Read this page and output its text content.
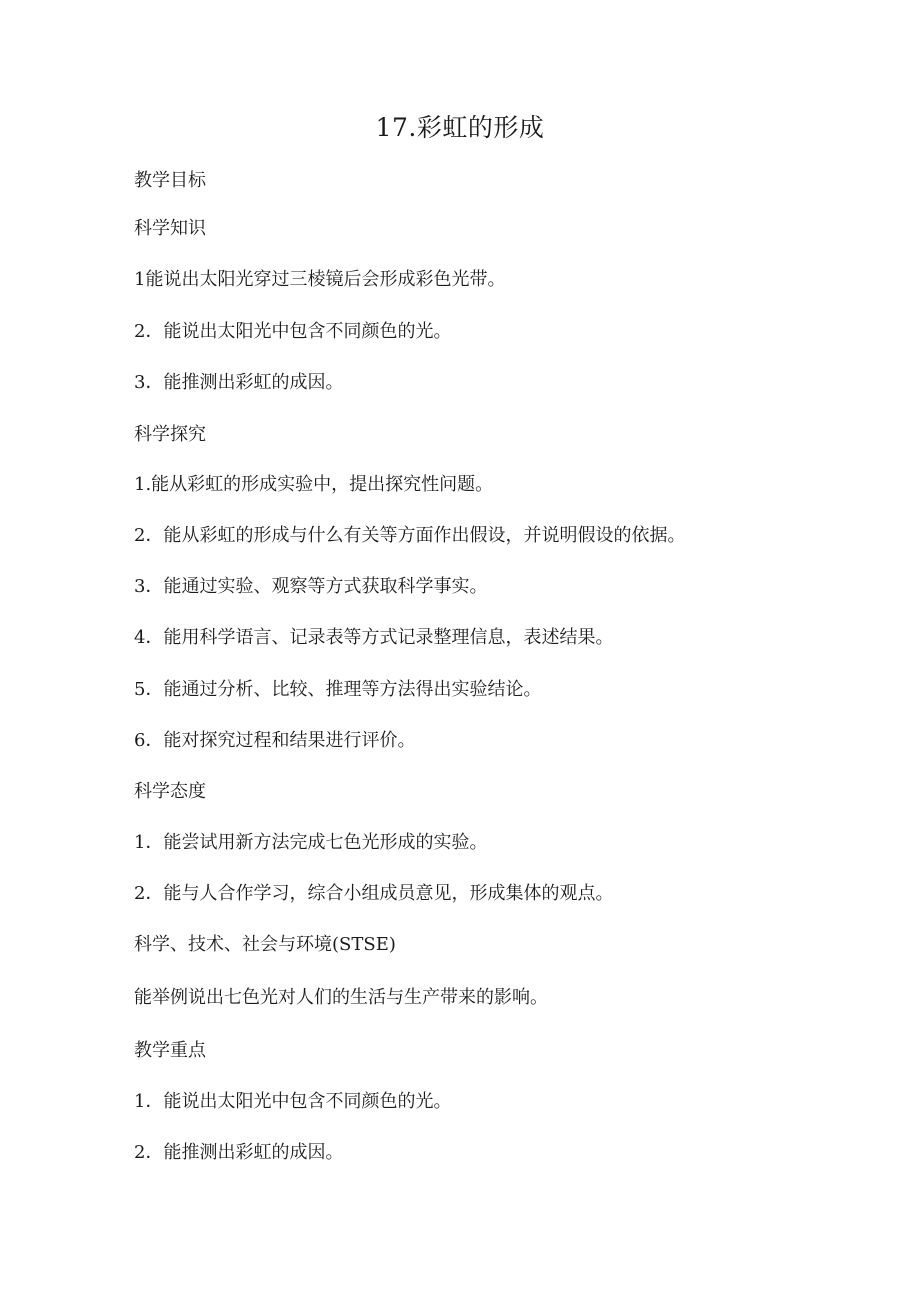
17.彩虹的形成
教学目标
科学知识
1能说出太阳光穿过三棱镜后会形成彩色光带。
2．能说出太阳光中包含不同颜色的光。
3．能推测出彩虹的成因。
科学探究
1.能从彩虹的形成实验中，提出探究性问题。
2．能从彩虹的形成与什么有关等方面作出假设，并说明假设的依据。
3．能通过实验、观察等方式获取科学事实。
4．能用科学语言、记录表等方式记录整理信息，表述结果。
5．能通过分析、比较、推理等方法得出实验结论。
6．能对探究过程和结果进行评价。
科学态度
1．能尝试用新方法完成七色光形成的实验。
2．能与人合作学习，综合小组成员意见，形成集体的观点。
科学、技术、社会与环境(STSE)
能举例说出七色光对人们的生活与生产带来的影响。
教学重点
1．能说出太阳光中包含不同颜色的光。
2．能推测出彩虹的成因。
